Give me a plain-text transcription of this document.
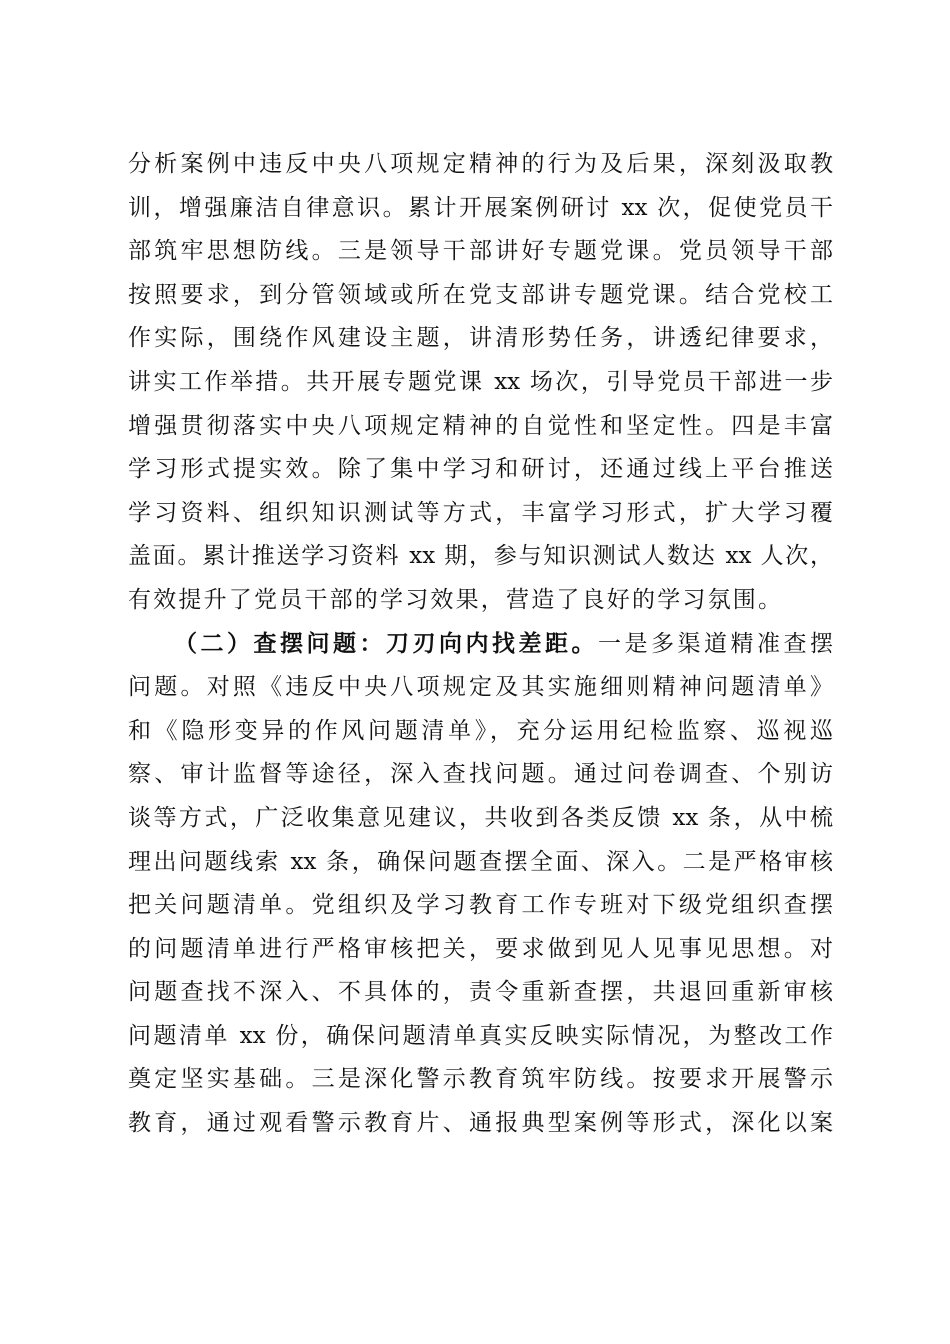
分析案例中违反中央八项规定精神的行为及后果，深刻汲取教
训，增强廉洁自律意识。累计开展案例研讨 xx 次，促使党员干
部筑牢思想防线。三是领导干部讲好专题党课。党员领导干部
按照要求，到分管领域或所在党支部讲专题党课。结合党校工
作实际，围绕作风建设主题，讲清形势任务，讲透纪律要求，
讲实工作举措。共开展专题党课 xx 场次，引导党员干部进一步
增强贯彻落实中央八项规定精神的自觉性和坚定性。四是丰富
学习形式提实效。除了集中学习和研讨，还通过线上平台推送
学习资料、组织知识测试等方式，丰富学习形式，扩大学习覆
盖面。累计推送学习资料 xx 期，参与知识测试人数达 xx 人次，
有效提升了党员干部的学习效果，营造了良好的学习氛围。
（二）查摆问题：刀刃向内找差距。一是多渠道精准查摆
问题。对照《违反中央八项规定及其实施细则精神问题清单》
和《隐形变异的作风问题清单》，充分运用纪检监察、巡视巡
察、审计监督等途径，深入查找问题。通过问卷调查、个别访
谈等方式，广泛收集意见建议，共收到各类反馈 xx 条，从中梳
理出问题线索 xx 条，确保问题查摆全面、深入。二是严格审核
把关问题清单。党组织及学习教育工作专班对下级党组织查摆
的问题清单进行严格审核把关，要求做到见人见事见思想。对
问题查找不深入、不具体的，责令重新查摆，共退回重新审核
问题清单 xx 份，确保问题清单真实反映实际情况，为整改工作
奠定坚实基础。三是深化警示教育筑牢防线。按要求开展警示
教育，通过观看警示教育片、通报典型案例等形式，深化以案
